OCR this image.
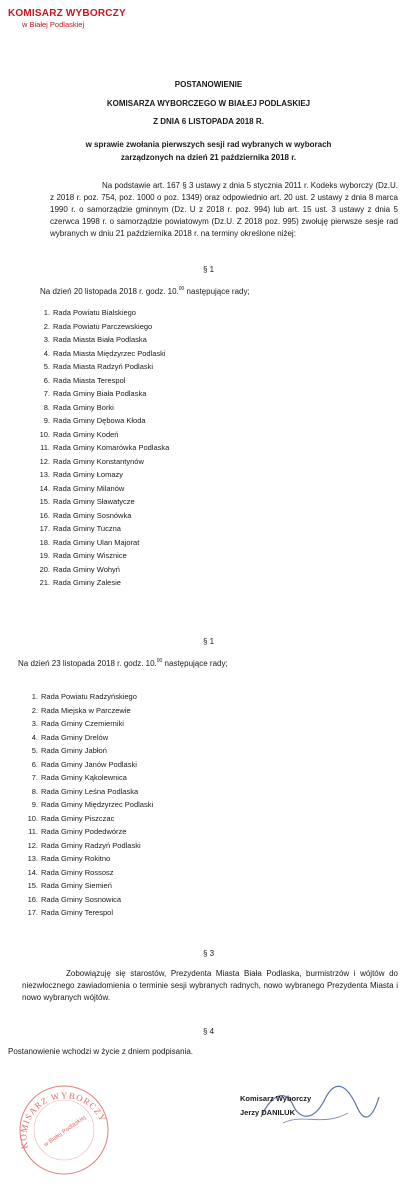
KOMISARZ WYBORCZY
w Białej Podlaskiej
POSTANOWIENIE
KOMISARZA WYBORCZEGO W BIAŁEJ PODLASKIEJ
Z DNIA 6 LISTOPADA 2018 R.
w sprawie zwołania pierwszych sesji rad wybranych w wyborach
zarządzonych na dzień 21 października 2018 r.
Na podstawie art. 167 § 3 ustawy z dnia 5 stycznia 2011 r. Kodeks wyborczy (Dz.U. z 2018 r. poz. 754, poz. 1000 o poz. 1349) oraz odpowiednio art. 20 ust. 2 ustawy z dnia 8 marca 1990 r. o samorządzie gminnym (Dz. U z 2018 r. poz. 994) lub art. 15 ust. 3 ustawy z dnia 5 czerwca 1998 r. o samorządzie powiatowym (Dz.U. Z 2018 poz. 995) zwołuję pierwsze sesje rad wybranych w dniu 21 października 2018 r. na terminy określone niżej:
§ 1
Na dzień 20 listopada 2018 r. godz. 10.00 następujące rady;
1. Rada Powiatu Bialskiego
2. Rada Powiatu Parczewskiego
3. Rada Miasta Biała Podlaska
4. Rada Miasta Międzyrzec Podlaski
5. Rada Miasta Radzyń Podlaski
6. Rada Miasta Terespol
7. Rada Gminy Biała Podlaska
8. Rada Gminy Borki
9. Rada Gminy Dębowa Kłoda
10. Rada Gminy Kodeń
11. Rada Gminy Komarówka Podlaska
12. Rada Gminy Konstantynów
13. Rada Gminy Łomazy
14. Rada Gminy Milanów
15. Rada Gminy Sławatycze
16. Rada Gminy Sosnówka
17. Rada Gminy Tuczna
18. Rada Gminy Ulan Majorat
19. Rada Gminy Wisznice
20. Rada Gminy Wohyń
21. Rada Gminy Zalesie
§ 1
Na dzień 23 listopada 2018 r. godz. 10.00 następujące rady;
1. Rada Powiatu Radzyńskiego
2. Rada Miejska w Parczewie
3. Rada Gminy Czemierniki
4. Rada Gminy Drelów
5. Rada Gminy Jabłoń
6. Rada Gminy Janów Podlaski
7. Rada Gminy Kąkolewnica
8. Rada Gminy Leśna Podlaska
9. Rada Gminy Międzyrzec Podlaski
10. Rada Gminy Piszczac
11. Rada Gminy Podedwórze
12. Rada Gminy Radzyń Podlaski
13. Rada Gminy Rokitno
14. Rada Gminy Rossosz
15. Rada Gminy Siemień
16. Rada Gminy Sosnowica
17. Rada Gminy Terespol
§ 3
Zobowiązuję się starostów, Prezydenta Miasta Biała Podlaska, burmistrzów i wójtów do niezwłocznego zawiadomienia o terminie sesji wybranych radnych, nowo wybranego Prezydenta Miasta i nowo wybranych wójtów.
§ 4
Postanowienie wchodzi w życie z dniem podpisania.
KOMISARZ WYBORCZY
w Białej Podlaskiej
Komisarz Wyborczy
Jerzy DANILUK
